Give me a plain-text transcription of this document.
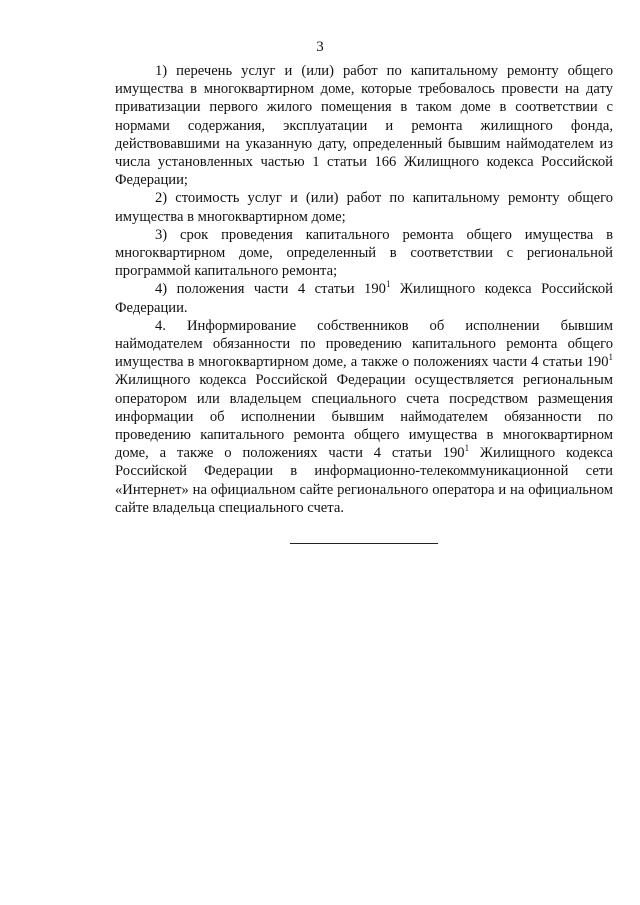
3

1) перечень услуг и (или) работ по капитальному ремонту общего имущества в многоквартирном доме, которые требовалось провести на дату приватизации первого жилого помещения в таком доме в соответствии с нормами содержания, эксплуатации и ремонта жилищного фонда, действовавшими на указанную дату, определенный бывшим наймодателем из числа установленных частью 1 статьи 166 Жилищного кодекса Российской Федерации;

2) стоимость услуг и (или) работ по капитальному ремонту общего имущества в многоквартирном доме;

3) срок проведения капитального ремонта общего имущества в многоквартирном доме, определенный в соответствии с региональной программой капитального ремонта;

4) положения части 4 статьи $190^1$ Жилищного кодекса Российской Федерации.

4. Информирование собственников об исполнении бывшим наймодателем обязанности по проведению капитального ремонта общего имущества в многоквартирном доме, а также о положениях части 4 статьи $190^1$ Жилищного кодекса Российской Федерации осуществляется региональным оператором или владельцем специального счета посредством размещения информации об исполнении бывшим наймодателем обязанности по проведению капитального ремонта общего имущества в многоквартирном доме, а также о положениях части 4 статьи $190^1$ Жилищного кодекса Российской Федерации в информационно-телекоммуникационной сети «Интернет» на официальном сайте регионального оператора и на официальном сайте владельца специального счета.
